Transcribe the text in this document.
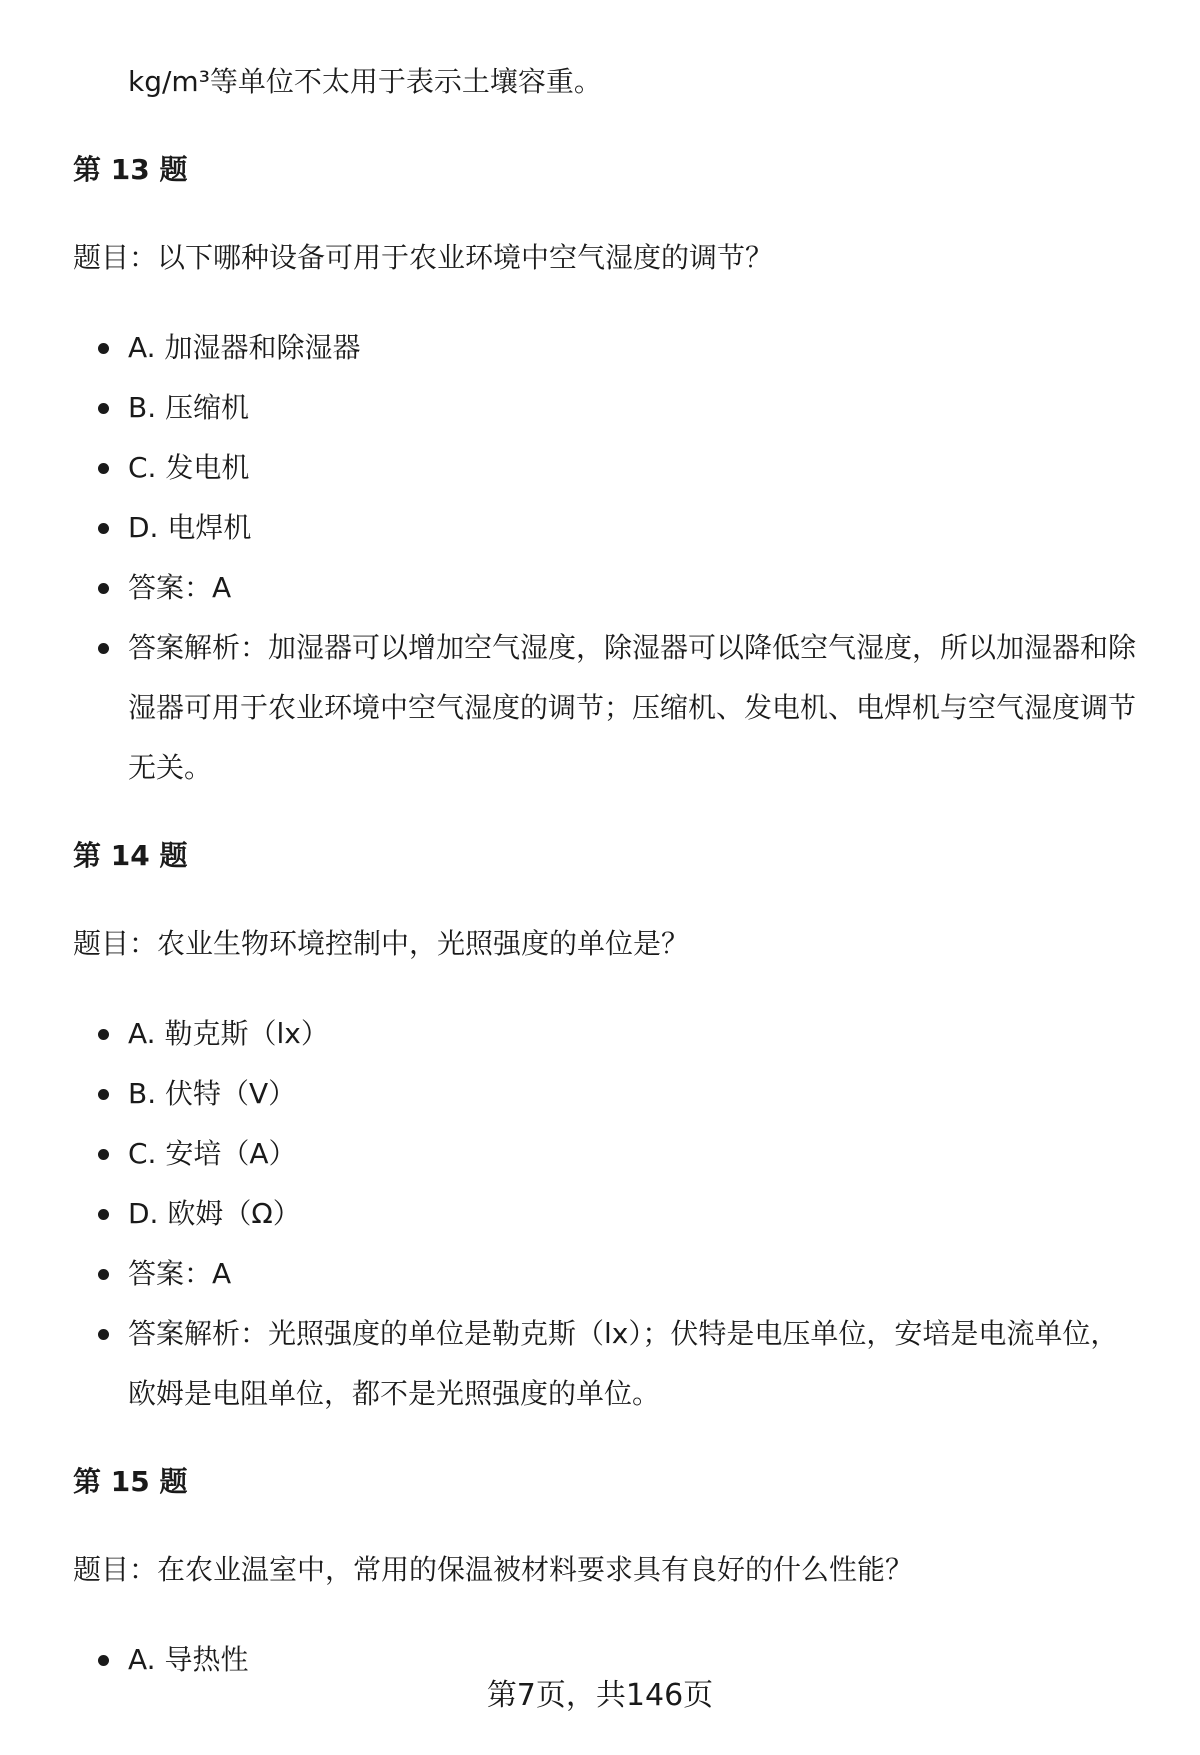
kg/m³等单位不太用于表示土壤容重。
第 13 题
题目：以下哪种设备可用于农业环境中空气湿度的调节？
A. 加湿器和除湿器
B. 压缩机
C. 发电机
D. 电焊机
答案：A
答案解析：加湿器可以增加空气湿度，除湿器可以降低空气湿度，所以加湿器和除湿器可用于农业环境中空气湿度的调节；压缩机、发电机、电焊机与空气湿度调节无关。
第 14 题
题目：农业生物环境控制中，光照强度的单位是？
A. 勒克斯（lx）
B. 伏特（V）
C. 安培（A）
D. 欧姆（Ω）
答案：A
答案解析：光照强度的单位是勒克斯（lx）；伏特是电压单位，安培是电流单位，欧姆是电阻单位，都不是光照强度的单位。
第 15 题
题目：在农业温室中，常用的保温被材料要求具有良好的什么性能？
A. 导热性
第7页，共146页
